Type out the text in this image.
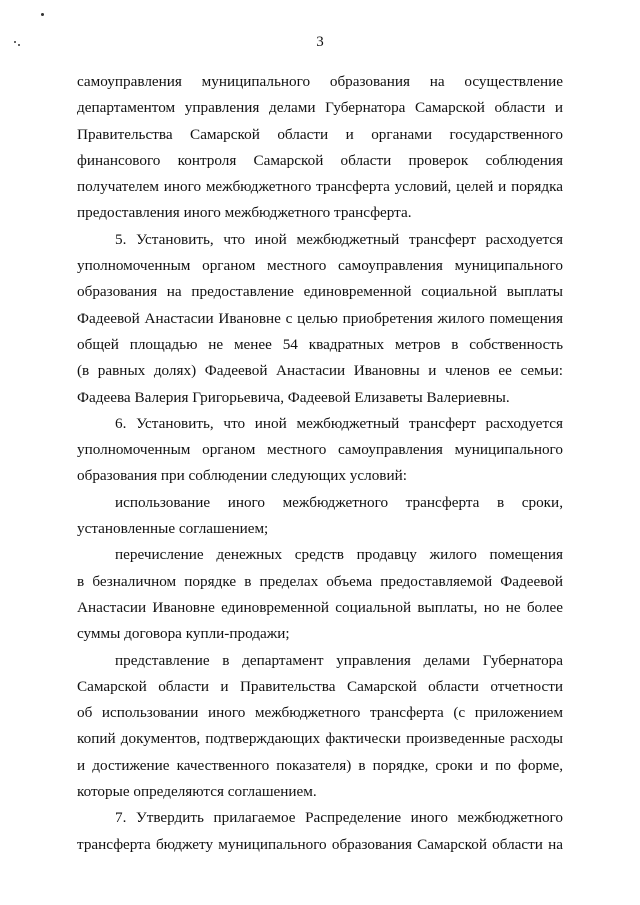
3
самоуправления муниципального образования на осуществление
департаментом управления делами Губернатора Самарской области и
Правительства Самарской области и органами государственного
финансового контроля Самарской области проверок соблюдения
получателем иного межбюджетного трансферта условий, целей и порядка
предоставления иного межбюджетного трансферта.
5. Установить, что иной межбюджетный трансферт расходуется
уполномоченным органом местного самоуправления муниципального
образования на предоставление единовременной социальной выплаты
Фадеевой Анастасии Ивановне с целью приобретения жилого помещения
общей площадью не менее 54 квадратных метров в собственность
(в равных долях) Фадеевой Анастасии Ивановны и членов ее семьи:
Фадеева Валерия Григорьевича, Фадеевой Елизаветы Валериевны.
6. Установить, что иной межбюджетный трансферт расходуется
уполномоченным органом местного самоуправления муниципального
образования при соблюдении следующих условий:
использование иного межбюджетного трансферта в сроки,
установленные соглашением;
перечисление денежных средств продавцу жилого помещения
в безналичном порядке в пределах объема предоставляемой Фадеевой
Анастасии Ивановне единовременной социальной выплаты, но не более
суммы договора купли-продажи;
представление в департамент управления делами Губернатора
Самарской области и Правительства Самарской области отчетности
об использовании иного межбюджетного трансферта (с приложением
копий документов, подтверждающих фактически произведенные расходы
и достижение качественного показателя) в порядке, сроки и по форме,
которые определяются соглашением.
7. Утвердить прилагаемое Распределение иного межбюджетного
трансферта бюджету муниципального образования Самарской области на
